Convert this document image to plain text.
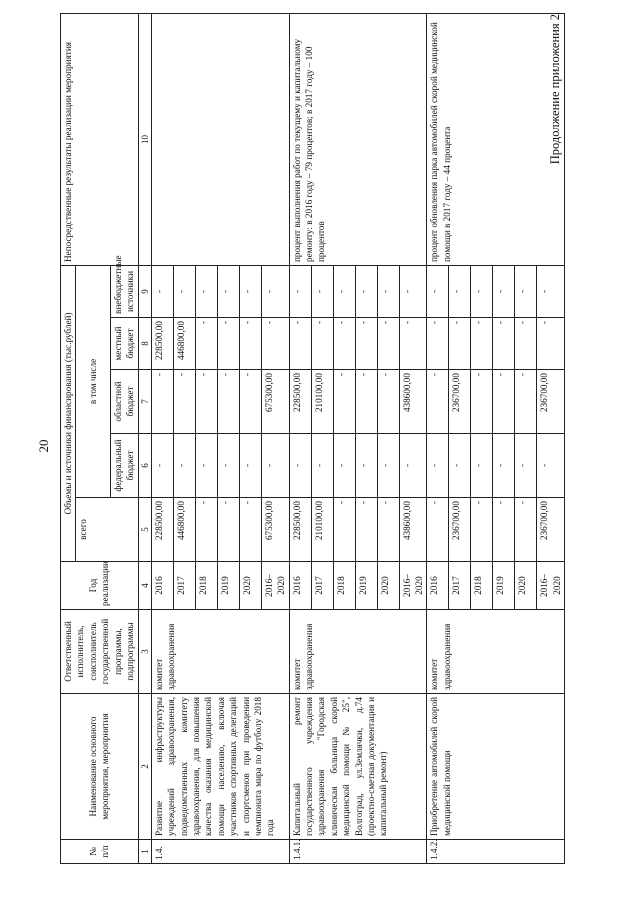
20
Продолжение приложения 2
№ п/п	Наименование основного мероприятия, мероприятия	Ответственный исполнитель, соисполнитель государственной программы, подпрограммы	Год реализации	Объемы и источники финансирования (тыс.рублей)					Непосредственные результаты реализации мероприятия
				всего	в том числе				
					федеральный бюджет	областной бюджет	местный бюджет	внебюджетные источники	
1	2	3	4	5	6	7	8	9	10
1.4.	Развитие инфраструктуры учреждений здравоохранения, подведомственных комитету здравоохранения, для повышения качества оказания медицинской помощи населению, включая участников спортивных делегаций и спортсменов при проведении чемпионата мира по футболу 2018 года	комитет здравоохранения	2016	228500,00	-	-	228500,00	-	
			2017	446800,00	-	-	446800,00	-	
			2018	-	-	-	-	-	
			2019	-	-	-	-	-	
			2020	-	-	-	-	-	
			2016–2020	675300,00	-	675300,00	-	-	
1.4.1.	Капитальный ремонт государственного учреждения здравоохранения "Городская клиническая больница скорой медицинской помощи № 25", Волгоград, ул.Землячки, д.74 (проектно-сметная документация и капитальный ремонт)	комитет здравоохранения	2016	228500,00	-	228500,00	-	-	процент выполнения работ по текущему и капитальному ремонту: в 2016 году – 79 процентов; в 2017 году – 100 процентов
			2017	210100,00	-	210100,00	-	-	
			2018	-	-	-	-	-	
			2019	-	-	-	-	-	
			2020	-	-	-	-	-	
			2016–2020	438600,00	-	438600,00	-	-	
1.4.2.	Приобретение автомобилей скорой медицинской помощи	комитет здравоохранения	2016	-	-	-	-	-	процент обновления парка автомобилей скорой медицинской помощи в 2017 году – 44 процента
			2017	236700,00	-	236700,00	-	-	
			2018	-	-	-	-	-	
			2019	-	-	-	-	-	
			2020	-	-	-	-	-	
			2016–2020	236700,00	-	236700,00	-	-	
